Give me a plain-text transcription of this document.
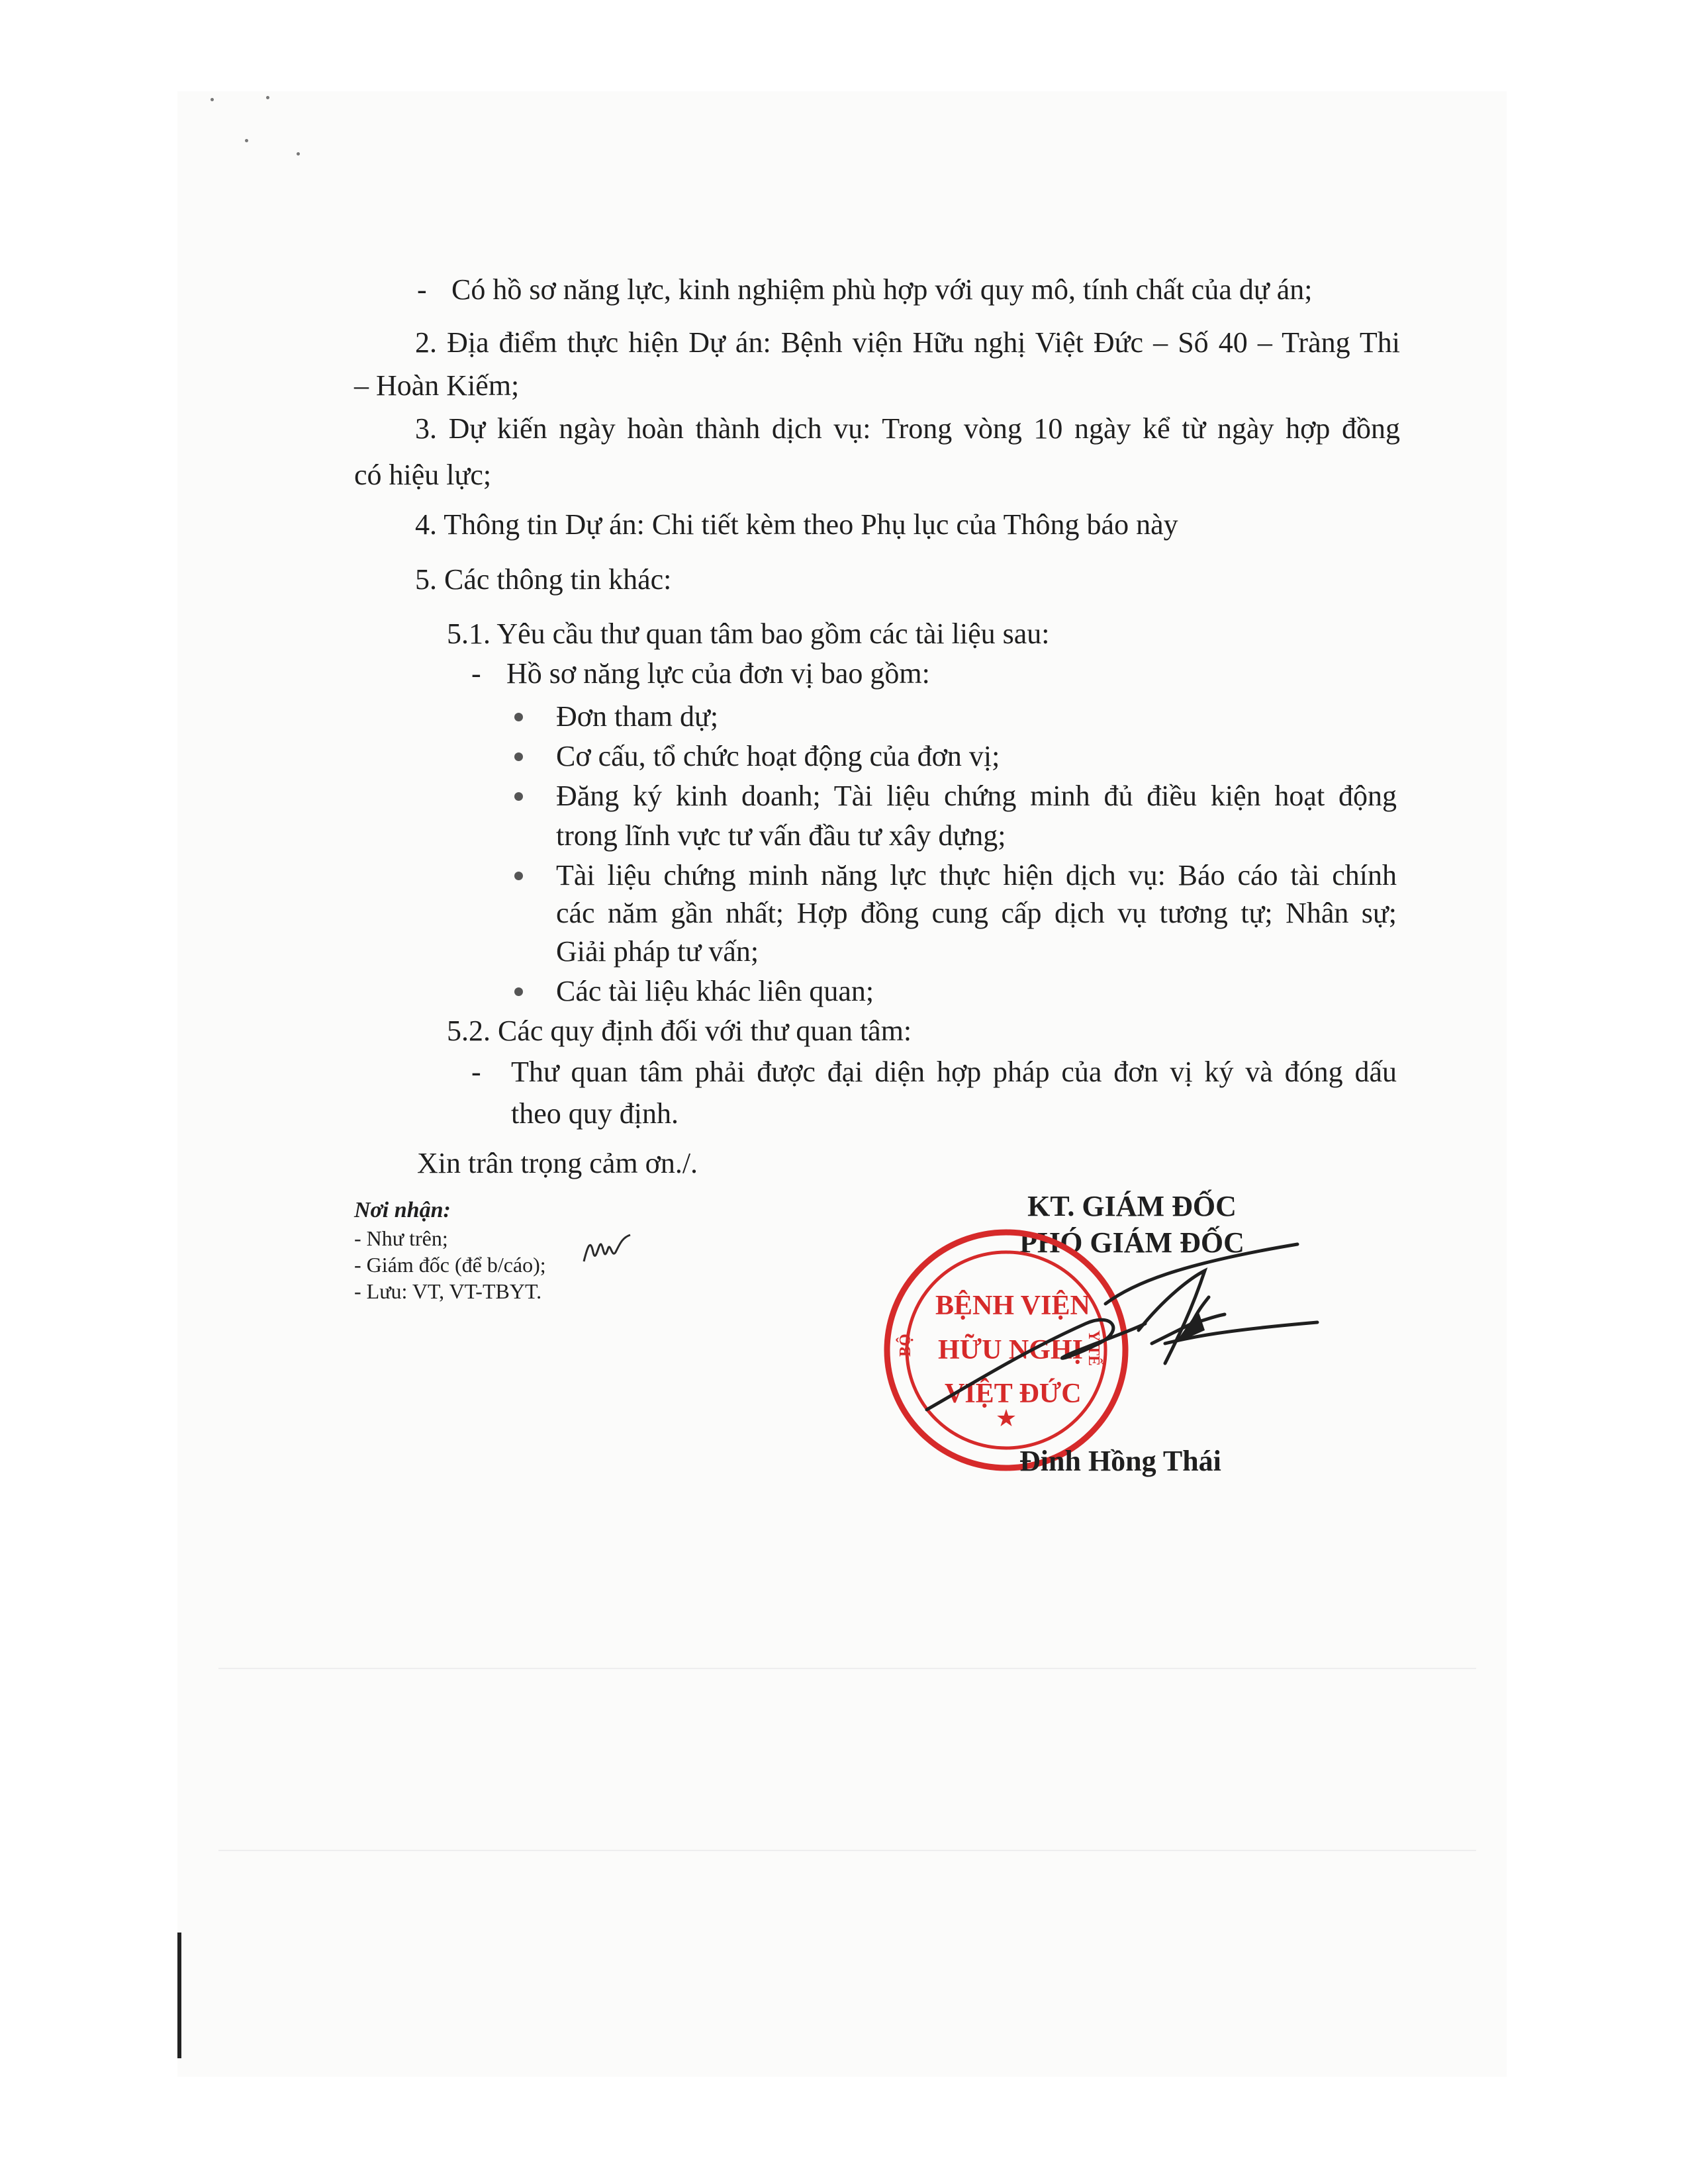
- Có hồ sơ năng lực, kinh nghiệm phù hợp với quy mô, tính chất của dự án;
2. Địa điểm thực hiện Dự án: Bệnh viện Hữu nghị Việt Đức – Số 40 – Tràng Thi
– Hoàn Kiếm;
3. Dự kiến ngày hoàn thành dịch vụ: Trong vòng 10 ngày kể từ ngày hợp đồng
có hiệu lực;
4. Thông tin Dự án: Chi tiết kèm theo Phụ lục của Thông báo này
5. Các thông tin khác:
5.1. Yêu cầu thư quan tâm bao gồm các tài liệu sau:
- Hồ sơ năng lực của đơn vị bao gồm:
Đơn tham dự;
Cơ cấu, tổ chức hoạt động của đơn vị;
Đăng ký kinh doanh; Tài liệu chứng minh đủ điều kiện hoạt động
trong lĩnh vực tư vấn đầu tư xây dựng;
Tài liệu chứng minh năng lực thực hiện dịch vụ: Báo cáo tài chính
các năm gần nhất; Hợp đồng cung cấp dịch vụ tương tự; Nhân sự;
Giải pháp tư vấn;
Các tài liệu khác liên quan;
5.2. Các quy định đối với thư quan tâm:
- Thư quan tâm phải được đại diện hợp pháp của đơn vị ký và đóng dấu
theo quy định.
Xin trân trọng cảm ơn./.
Nơi nhận:
- Như trên;
- Giám đốc (để b/cáo);
- Lưu: VT, VT-TBYT.
KT. GIÁM ĐỐC
PHÓ GIÁM ĐỐC
★
BỆNH VIỆN
HỮU NGHỊ
VIỆT ĐỨC
BỘ	Y TẾ
Đinh Hồng Thái
